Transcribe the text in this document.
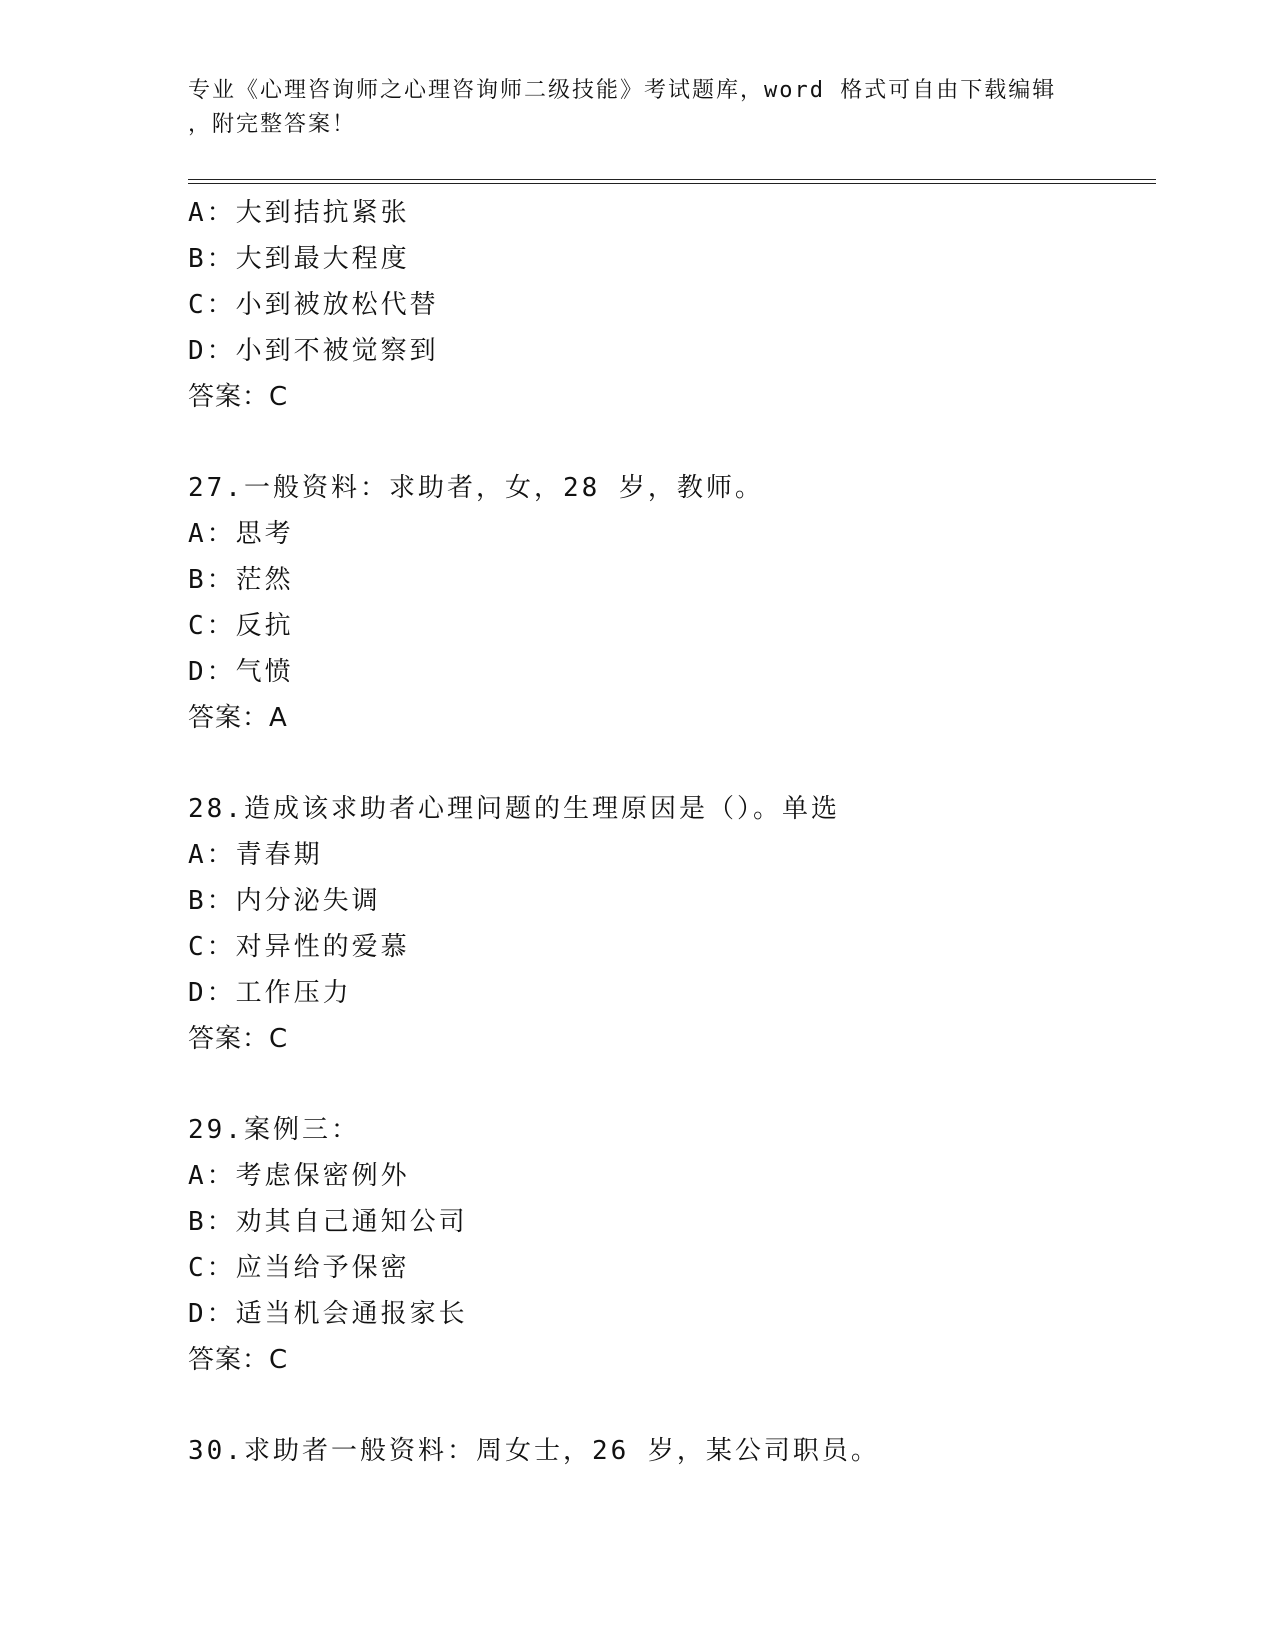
专业《心理咨询师之心理咨询师二级技能》考试题库，word 格式可自由下载编辑
，附完整答案！
A：大到拮抗紧张
B：大到最大程度
C：小到被放松代替
D：小到不被觉察到
答案：C
27.一般资料：求助者，女，28 岁，教师。
A：思考
B：茫然
C：反抗
D：气愤
答案：A
28.造成该求助者心理问题的生理原因是（）。单选
A：青春期
B：内分泌失调
C：对异性的爱慕
D：工作压力
答案：C
29.案例三：
A：考虑保密例外
B：劝其自己通知公司
C：应当给予保密
D：适当机会通报家长
答案：C
30.求助者一般资料：周女士，26 岁，某公司职员。
